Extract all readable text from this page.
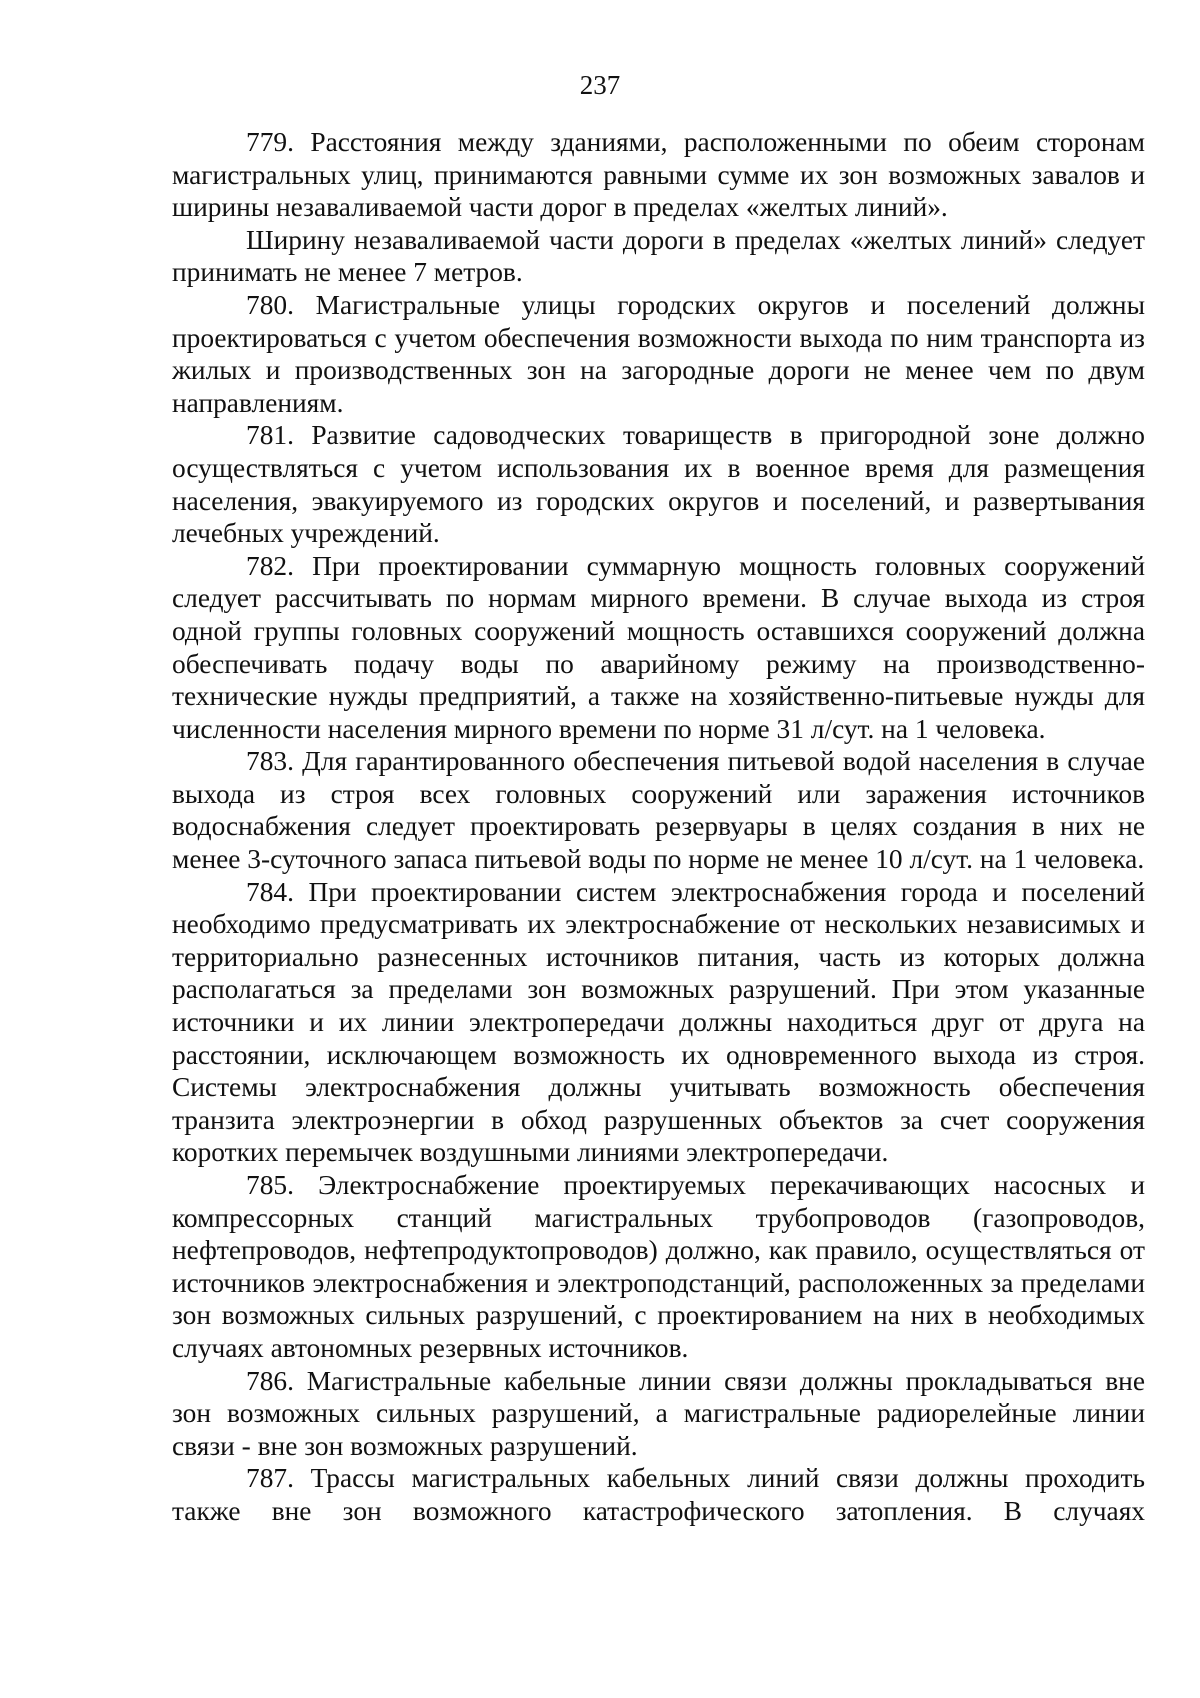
237

779. Расстояния между зданиями, расположенными по обеим сторонам магистральных улиц, принимаются равными сумме их зон возможных завалов и ширины незаваливаемой части дорог в пределах «желтых линий».

Ширину незаваливаемой части дороги в пределах «желтых линий» следует принимать не менее 7 метров.

780. Магистральные улицы городских округов и поселений должны проектироваться с учетом обеспечения возможности выхода по ним транспорта из жилых и производственных зон на загородные дороги не менее чем по двум направлениям.

781. Развитие садоводческих товариществ в пригородной зоне должно осуществляться с учетом использования их в военное время для размещения населения, эвакуируемого из городских округов и поселений, и развертывания лечебных учреждений.

782. При проектировании суммарную мощность головных сооружений следует рассчитывать по нормам мирного времени. В случае выхода из строя одной группы головных сооружений мощность оставшихся сооружений должна обеспечивать подачу воды по аварийному режиму на производственно-технические нужды предприятий, а также на хозяйственно-питьевые нужды для численности населения мирного времени по норме 31 л/сут. на 1 человека.

783. Для гарантированного обеспечения питьевой водой населения в случае выхода из строя всех головных сооружений или заражения источников водоснабжения следует проектировать резервуары в целях создания в них не менее 3-суточного запаса питьевой воды по норме не менее 10 л/сут. на 1 человека.

784. При проектировании систем электроснабжения города и поселений необходимо предусматривать их электроснабжение от нескольких независимых и территориально разнесенных источников питания, часть из которых должна располагаться за пределами зон возможных разрушений. При этом указанные источники и их линии электропередачи должны находиться друг от друга на расстоянии, исключающем возможность их одновременного выхода из строя. Системы электроснабжения должны учитывать возможность обеспечения транзита электроэнергии в обход разрушенных объектов за счет сооружения коротких перемычек воздушными линиями электропередачи.

785. Электроснабжение проектируемых перекачивающих насосных и компрессорных станций магистральных трубопроводов (газопроводов, нефтепроводов, нефтепродуктопроводов) должно, как правило, осуществляться от источников электроснабжения и электроподстанций, расположенных за пределами зон возможных сильных разрушений, с проектированием на них в необходимых случаях автономных резервных источников.

786. Магистральные кабельные линии связи должны прокладываться вне зон возможных сильных разрушений, а магистральные радиорелейные линии связи - вне зон возможных разрушений.

787. Трассы магистральных кабельных линий связи должны проходить также вне зон возможного катастрофического затопления. В случаях
